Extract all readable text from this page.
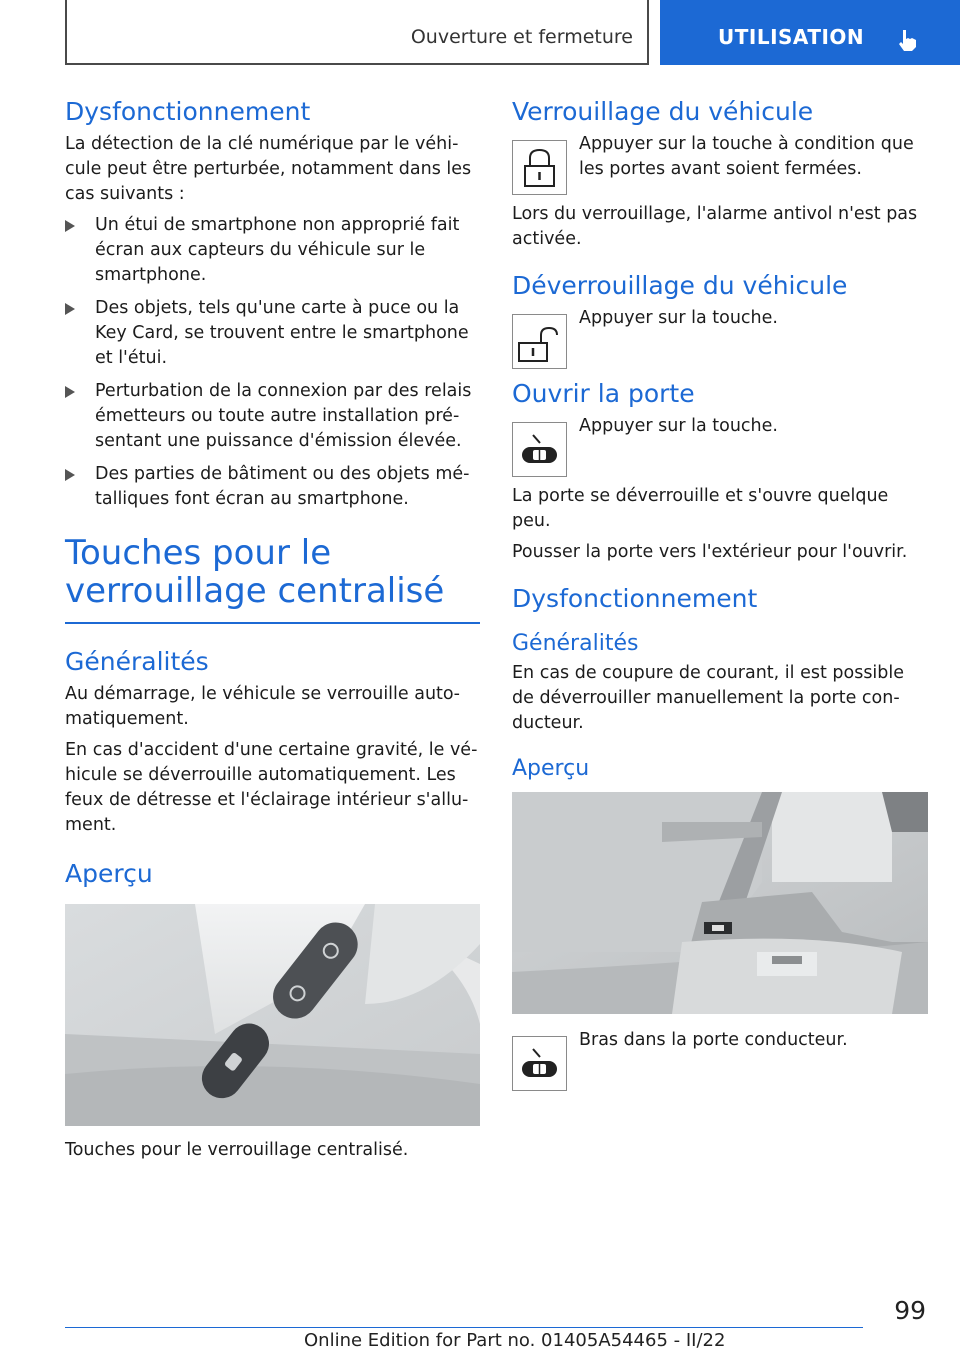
Ouverture et fermeture	UTILISATION
Dysfonctionnement

La détection de la clé numérique par le véhi‐ cule peut être perturbée, notamment dans les cas suivants :

Un étui de smartphone non approprié fait écran aux capteurs du véhicule sur le smartphone.
Des objets, tels qu'une carte à puce ou la Key Card, se trouvent entre le smartphone et l'étui.
Perturbation de la connexion par des relais émetteurs ou toute autre installation pré‐ sentant une puissance d'émission élevée.
Des parties de bâtiment ou des objets mé‐ talliques font écran au smartphone.
Touches pour le verrouillage centralisé
Généralités

Au démarrage, le véhicule se verrouille auto‐ matiquement.

En cas d'accident d'une certaine gravité, le vé‐ hicule se déverrouille automatiquement. Les feux de détresse et l'éclairage intérieur s'allu‐ ment.

Aperçu

Touches pour le verrouillage centralisé.

Verrouillage du véhicule

Appuyer sur la touche à condition que les portes avant soient fermées.

Lors du verrouillage, l'alarme antivol n'est pas activée.

Déverrouillage du véhicule

Appuyer sur la touche.

Ouvrir la porte

Appuyer sur la touche.

La porte se déverrouille et s'ouvre quelque peu.

Pousser la porte vers l'extérieur pour l'ouvrir.

Dysfonctionnement
Généralités

En cas de coupure de courant, il est possible de déverrouiller manuellement la porte con‐ ducteur.

Aperçu

Bras dans la porte conducteur.

99
Online Edition for Part no. 01405A54465 - II/22
